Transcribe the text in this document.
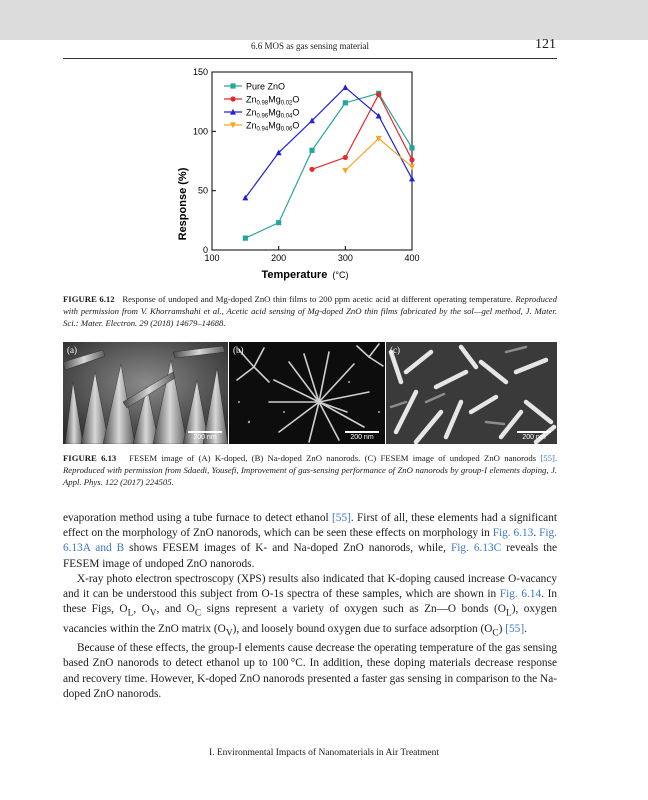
6.6 MOS as gas sensing material	121
100	200	300	400
0
50
100
150
Pure ZnO
$Zn_{0.98}Mg_{0.02}O$
$Zn_{0.96}Mg_{0.04}O$
$Zn_{0.94}Mg_{0.06}O$
Response (%)
Temperature (°C)
FIGURE 6.12 Response of undoped and Mg-doped ZnO thin films to 200 ppm acetic acid at different operating temperature. Reproduced with permission from V. Khorramshahi et al., Acetic acid sensing of Mg-doped ZnO thin films fabricated by the sol—gel method, J. Mater. Sci.: Mater. Electron. 29 (2018) 14679–14688.
(a)
200 nm
(b)
200 nm
(c)
200 nm
FIGURE 6.13 FESEM image of (A) K-doped, (B) Na-doped ZnO nanorods. (C) FESEM image of undoped ZnO nanorods [55]. Reproduced with permission from Sdaedi, Yousefi, Improvement of gas-sensing performance of ZnO nanorods by group-I elements doping, J. Appl. Phys. 122 (2017) 224505.

evaporation method using a tube furnace to detect ethanol [55]. First of all, these elements had a significant effect on the morphology of ZnO nanorods, which can be seen these effects on morphology in Fig. 6.13. Fig. 6.13A and B shows FESEM images of K- and Na-doped ZnO nanorods, while, Fig. 6.13C reveals the FESEM image of undoped ZnO nanorods.

X-ray photo electron spectroscopy (XPS) results also indicated that K-doping caused increase O-vacancy and it can be understood this subject from O-1s spectra of these samples, which are shown in Fig. 6.14. In these Figs, $O_L$, $O_V$, and $O_C$ signs represent a variety of oxygen such as Zn—O bonds $(O_L)$, oxygen vacancies within the ZnO matrix $(O_V)$, and loosely bound oxygen due to surface adsorption $(O_C)$ [55].

Because of these effects, the group-I elements cause decrease the operating temperature of the gas sensing based ZnO nanorods to detect ethanol up to 100 °C. In addition, these doping materials decrease response and recovery time. However, K-doped ZnO nanorods presented a faster gas sensing in comparison to the Na-doped ZnO nanorods.

I. Environmental Impacts of Nanomaterials in Air Treatment
